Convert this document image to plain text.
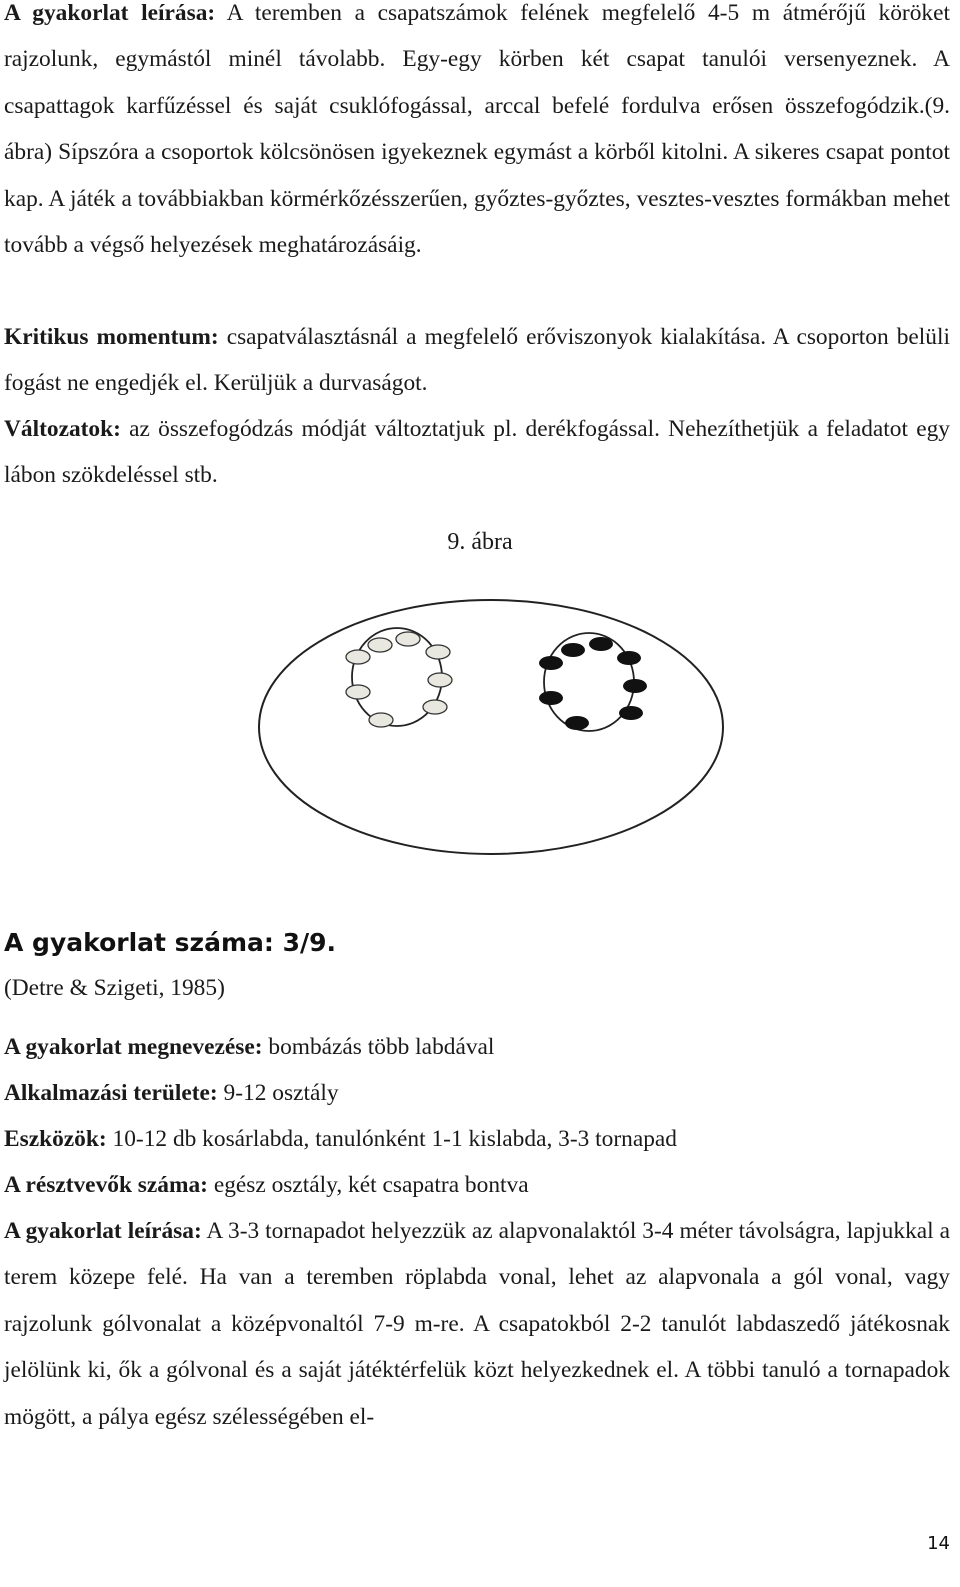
A gyakorlat leírása: A teremben a csapatszámok felének megfelelő 4-5 m átmérőjű köröket rajzolunk, egymástól minél távolabb. Egy-egy körben két csapat tanulói versenyeznek. A csapattagok karfűzéssel és saját csuklófogással, arccal befelé fordulva erősen összefogódzik.(9. ábra) Sípszóra a csoportok kölcsönösen igyekeznek egymást a körből kitolni. A sikeres csapat pontot kap. A játék a továbbiakban körmérkőzésszerűen, győztes-győztes, vesztes-vesztes formákban mehet tovább a végső helyezések meghatározásáig.

Kritikus momentum: csapatválasztásnál a megfelelő erőviszonyok kialakítása. A csoporton belüli fogást ne engedjék el. Kerüljük a durvaságot.

Változatok: az összefogódzás módját változtatjuk pl. derékfogással. Nehezíthetjük a feladatot egy lábon szökdeléssel stb.

9. ábra
A gyakorlat száma: 3/9.

(Detre & Szigeti, 1985)

A gyakorlat megnevezése: bombázás több labdával

Alkalmazási területe: 9-12 osztály

Eszközök: 10-12 db kosárlabda, tanulónként 1-1 kislabda, 3-3 tornapad

A résztvevők száma: egész osztály, két csapatra bontva

A gyakorlat leírása: A 3-3 tornapadot helyezzük az alapvonalaktól 3-4 méter távolságra, lapjukkal a terem közepe felé. Ha van a teremben röplabda vonal, lehet az alapvonala a gól vonal, vagy rajzolunk gólvonalat a középvonaltól 7-9 m-re. A csapatokból 2-2 tanulót labdaszedő játékosnak jelölünk ki, ők a gólvonal és a saját játéktérfelük közt helyezkednek el. A többi tanuló a tornapadok mögött, a pálya egész szélességében el-

14
